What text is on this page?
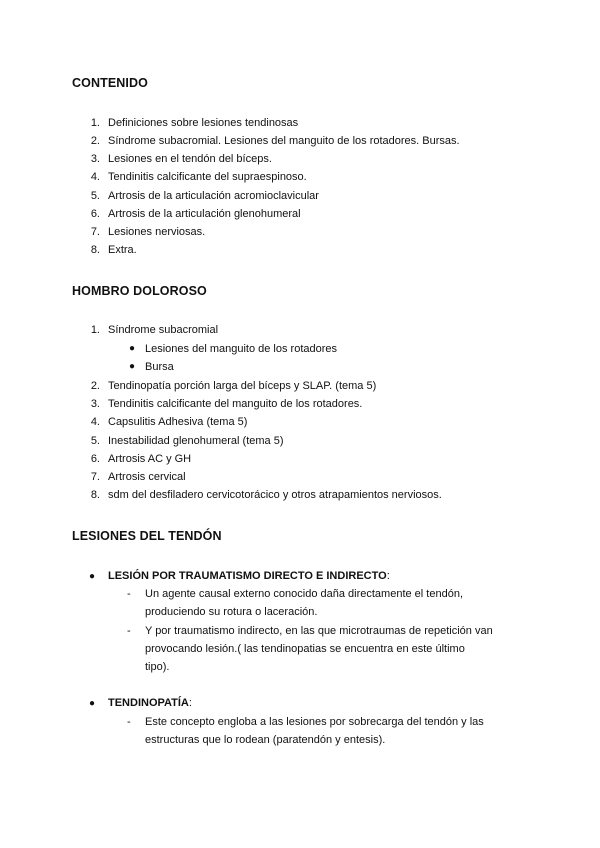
CONTENIDO
1. Definiciones sobre lesiones tendinosas
2. Síndrome subacromial. Lesiones del manguito de los rotadores. Bursas.
3. Lesiones en el tendón del bíceps.
4. Tendinitis calcificante del supraespinoso.
5. Artrosis de la articulación acromioclavicular
6. Artrosis de la articulación glenohumeral
7. Lesiones nerviosas.
8. Extra.
HOMBRO DOLOROSO
1. Síndrome subacromial
● Lesiones del manguito de los rotadores
● Bursa
2. Tendinopatía porción larga del bíceps y SLAP. (tema 5)
3. Tendinitis calcificante del manguito de los rotadores.
4. Capsulitis Adhesiva (tema 5)
5. Inestabilidad glenohumeral (tema 5)
6. Artrosis AC y GH
7. Artrosis cervical
8. sdm del desfiladero cervicotorácico y otros atrapamientos nerviosos.
LESIONES DEL TENDÓN
● LESIÓN POR TRAUMATISMO DIRECTO E INDIRECTO:
- Un agente causal externo conocido daña directamente el tendón,
produciendo su rotura o laceración.
- Y por traumatismo indirecto, en las que microtraumas de repetición van
provocando lesión.( las tendinopatias se encuentra en este último
tipo).
● TENDINOPATÍA:
- Este concepto engloba a las lesiones por sobrecarga del tendón y las
estructuras que lo rodean (paratendón y entesis).
